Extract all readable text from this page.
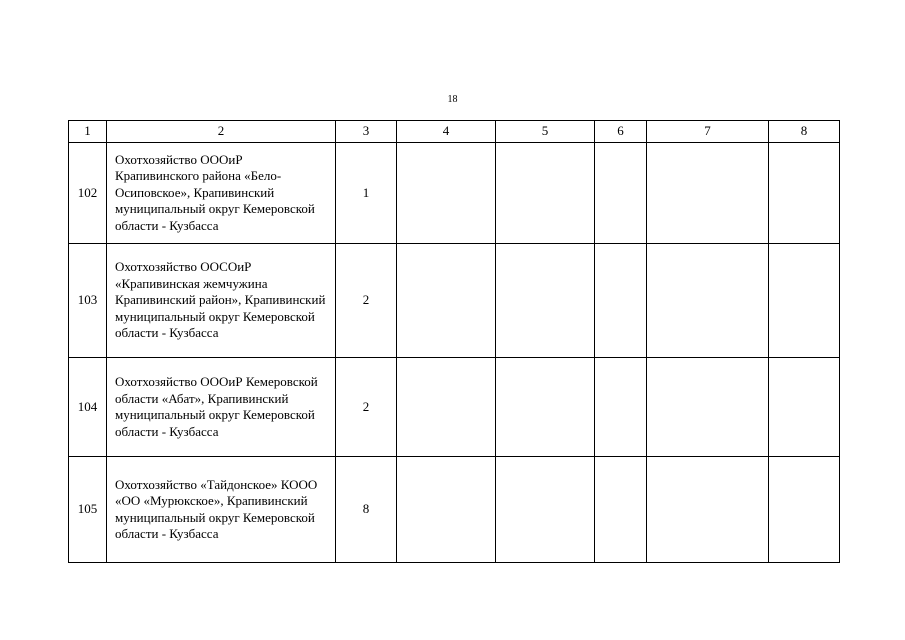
18
1	2	3	4	5	6	7	8
102	Охотхозяйство ОООиР Крапивинского района «Бело-Осиповское», Крапивинский муниципальный округ Кемеровской области - Кузбасса	1					
103	Охотхозяйство ООСОиР «Крапивинская жемчужина Крапивинский район», Крапивинский муниципальный округ Кемеровской области - Кузбасса	2					
104	Охотхозяйство ОООиР Кемеровской области «Абат», Крапивинский муниципальный округ Кемеровской области - Кузбасса	2					
105	Охотхозяйство «Тайдонское» КООО «ОО «Мурюкское», Крапивинский муниципальный округ Кемеровской области - Кузбасса	8					
